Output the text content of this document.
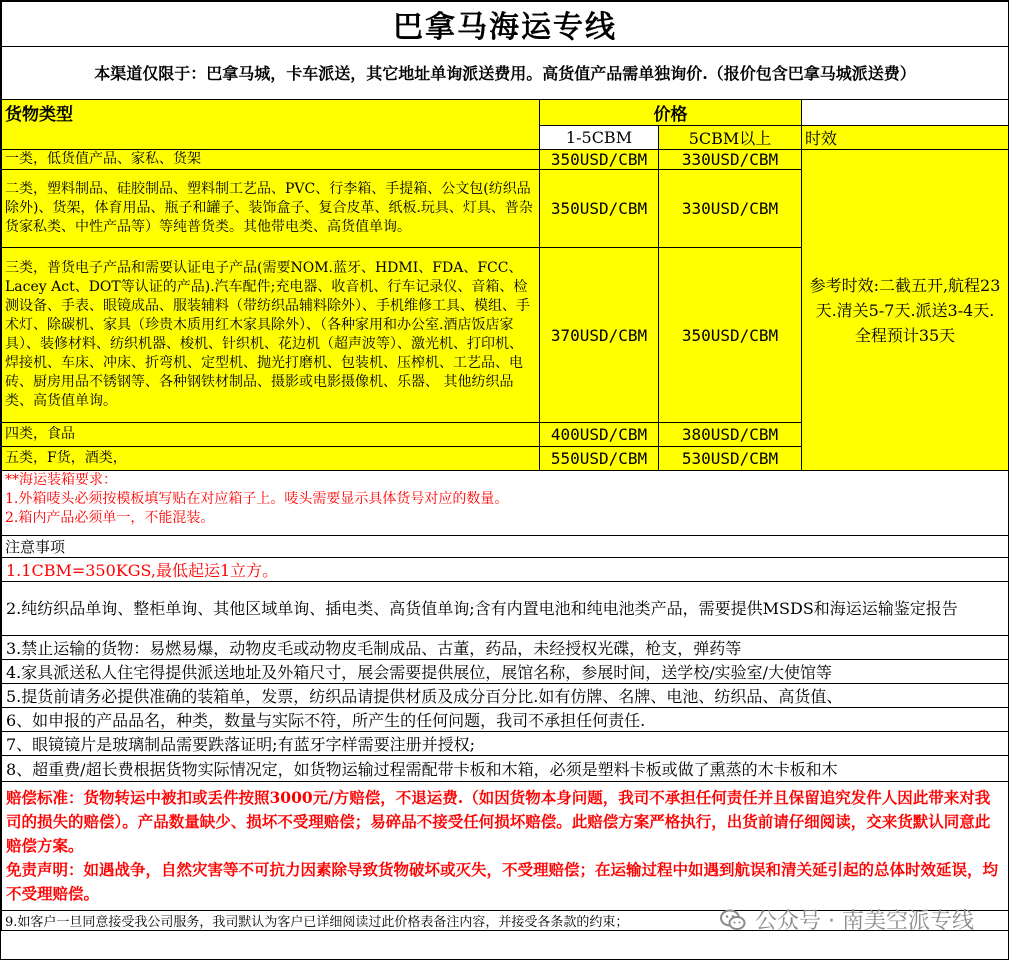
巴拿马海运专线			
本渠道仅限于：巴拿马城，卡车派送，其它地址单询派送费用。高货值产品需单独询价.（报价包含巴拿马城派送费）			
货物类型	价格		
	1-5CBM	5CBM以上	时效
一类，低货值产品、家私、货架	350USD/CBM	330USD/CBM	参考时效:二截五开,航程23天.清关5-7天.派送3-4天.全程预计35天
二类，塑料制品、硅胶制品、塑料制工艺品、PVC、行李箱、手提箱、公文包(纺织品除外)、货架，体育用品、瓶子和罐子、装饰盒子、复合皮革、纸板.玩具、灯具、普杂货家私类、中性产品等）等纯普货类。其他带电类、高货值单询。	350USD/CBM	330USD/CBM	
三类，普货电子产品和需要认证电子产品(需要NOM.蓝牙、HDMI、FDA、FCC、Lacey Act、DOT等认证的产品).汽车配件;充电器、收音机、行车记录仪、音箱、检测设备、手表、眼镜成品、服装辅料（带纺织品辅料除外）、手机维修工具、模组、手术灯、除碳机、家具（珍贵木质用红木家具除外）、（各种家用和办公室.酒店饭店家具）、装修材料、纺织机器、梭机、针织机、花边机（超声波等）、激光机、打印机、焊接机、车床、冲床、折弯机、定型机、抛光打磨机、包装机、压榨机、工艺品、电砖、厨房用品不锈钢等、各种钢铁材制品、摄影或电影摄像机、乐器、 其他纺织品类、高货值单询。	370USD/CBM	350USD/CBM	
四类，食品	400USD/CBM	380USD/CBM	
五类，F货，酒类，	550USD/CBM	530USD/CBM	
**海运装箱要求：			
1.外箱唛头必须按模板填写贴在对应箱子上。唛头需要显示具体货号对应的数量。			
2.箱内产品必须单一，不能混装。			
注意事项			
1.1CBM=350KGS,最低起运1立方。			
2.纯纺织品单询、整柜单询、其他区域单询、插电类、高货值单询;含有内置电池和纯电池类产品，需要提供MSDS和海运运输鉴定报告			
3.禁止运输的货物：易燃易爆，动物皮毛或动物皮毛制成品、古董，药品，未经授权光碟，枪支，弹药等			
4.家具派送私人住宅得提供派送地址及外箱尺寸，展会需要提供展位，展馆名称，参展时间，送学校/实验室/大使馆等			
5.提货前请务必提供准确的装箱单，发票，纺织品请提供材质及成分百分比.如有仿牌、名牌、电池、纺织品、高货值、			
6、如申报的产品品名，种类，数量与实际不符，所产生的任何问题，我司不承担任何责任.			
7、眼镜镜片是玻璃制品需要跌落证明;有蓝牙字样需要注册并授权;			
8、超重费/超长费根据货物实际情况定，如货物运输过程需配带卡板和木箱，必须是塑料卡板或做了熏蒸的木卡板和木			

赔偿标准：货物转运中被扣或丢件按照3000元/方赔偿，不退运费.（如因货物本身问题，我司不承担任何责任并且保留追究发件人因此带来对我司的损失的赔偿）。产品数量缺少、损坏不受理赔偿；易碎品不接受任何损坏赔偿。此赔偿方案严格执行，出货前请仔细阅读，交来货默认同意此赔偿方案。
免责声明：如遇战争，自然灾害等不可抗力因素除导致货物破坏或灭失，不受理赔偿；在运输过程中如遇到航误和清关延引起的总体时效延误，均不受理赔偿。			

9.如客户一旦同意接受我公司服务，我司默认为客户已详细阅读过此价格表备注内容，并接受各条款的约束；				公众号 · 南美空派专线
